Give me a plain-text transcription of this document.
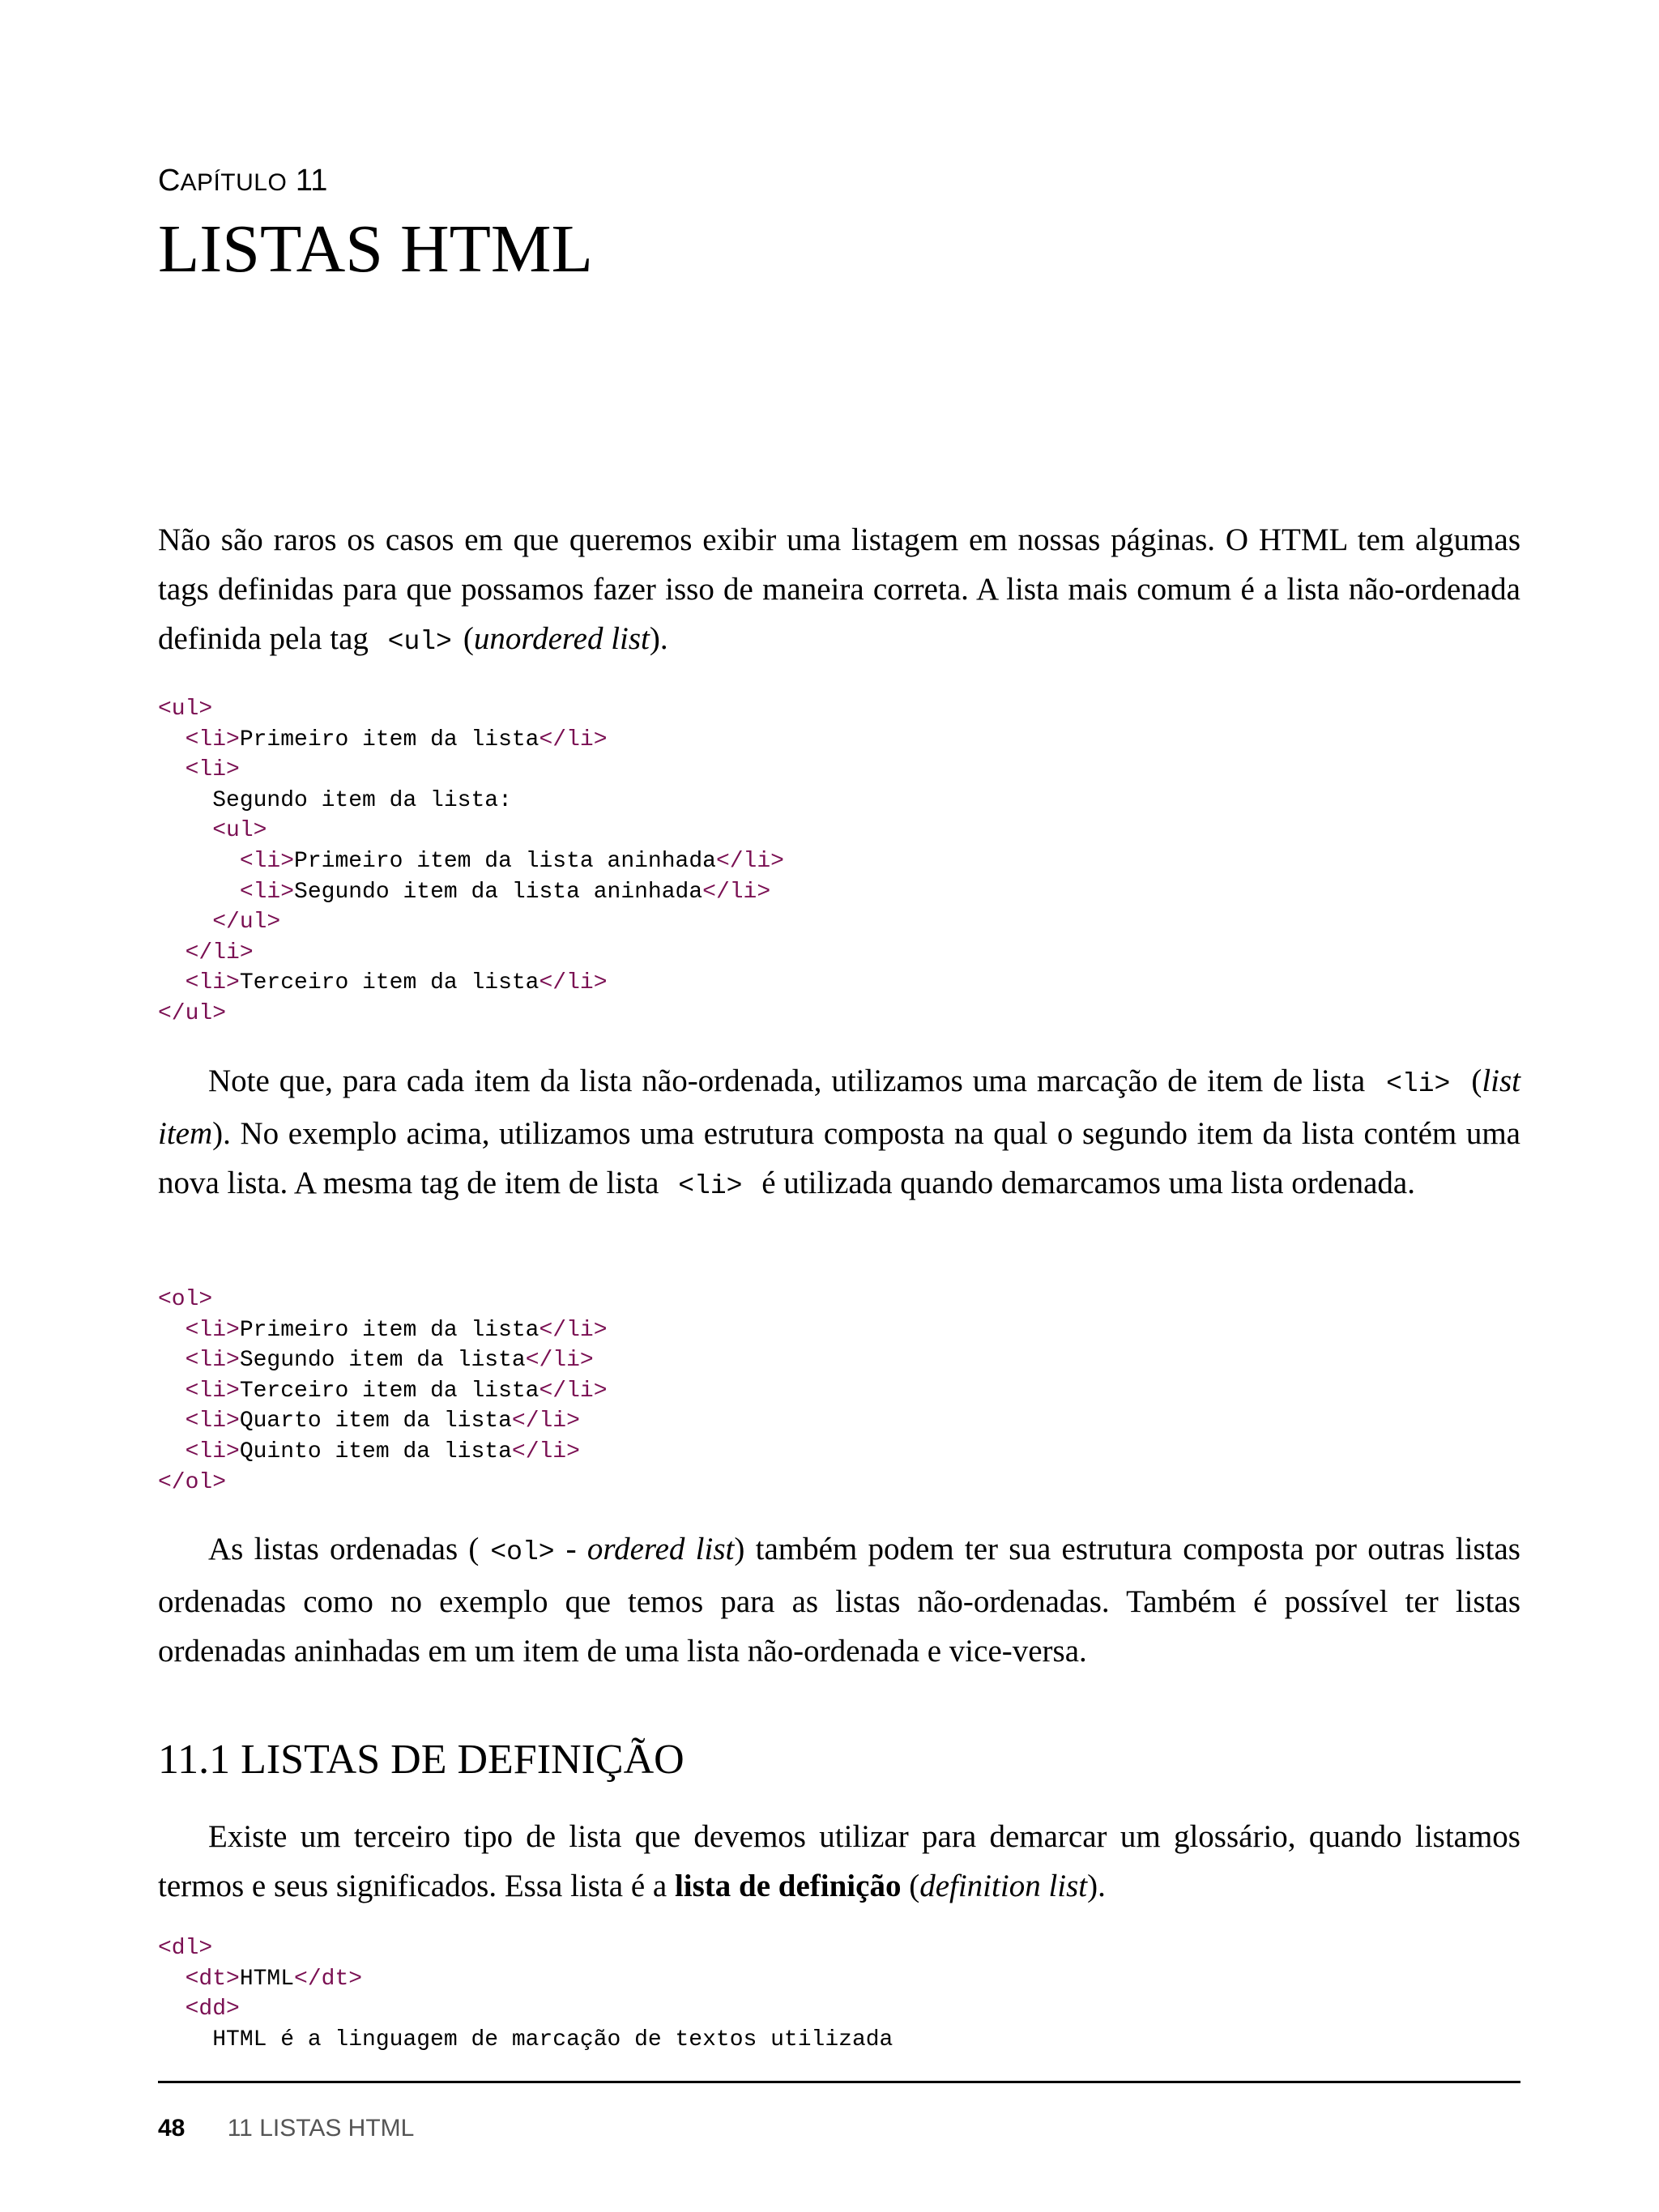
CAPÍTULO 11
LISTAS HTML

Não são raros os casos em que queremos exibir uma listagem em nossas páginas. O HTML tem algumas tags definidas para que possamos fazer isso de maneira correta. A lista mais comum é a lista não-ordenada definida pela tag <ul> (unordered list).

<ul>
<li>Primeiro item da lista</li>
<li>
Segundo item da lista:
<ul>
<li>Primeiro item da lista aninhada</li>
<li>Segundo item da lista aninhada</li>
</ul>
</li>
<li>Terceiro item da lista</li>
</ul>

Note que, para cada item da lista não-ordenada, utilizamos uma marcação de item de lista <li> (list item). No exemplo acima, utilizamos uma estrutura composta na qual o segundo item da lista contém uma nova lista. A mesma tag de item de lista <li> é utilizada quando demarcamos uma lista ordenada.

<ol>
<li>Primeiro item da lista</li>
<li>Segundo item da lista</li>
<li>Terceiro item da lista</li>
<li>Quarto item da lista</li>
<li>Quinto item da lista</li>
</ol>

As listas ordenadas ( <ol> - ordered list) também podem ter sua estrutura composta por outras listas ordenadas como no exemplo que temos para as listas não-ordenadas. Também é possível ter listas ordenadas aninhadas em um item de uma lista não-ordenada e vice-versa.

11.1 LISTAS DE DEFINIÇÃO

Existe um terceiro tipo de lista que devemos utilizar para demarcar um glossário, quando listamos termos e seus significados. Essa lista é a lista de definição (definition list).

<dl>
<dt>HTML</dt>
<dd>
HTML é a linguagem de marcação de textos utilizada
48 11 LISTAS HTML
